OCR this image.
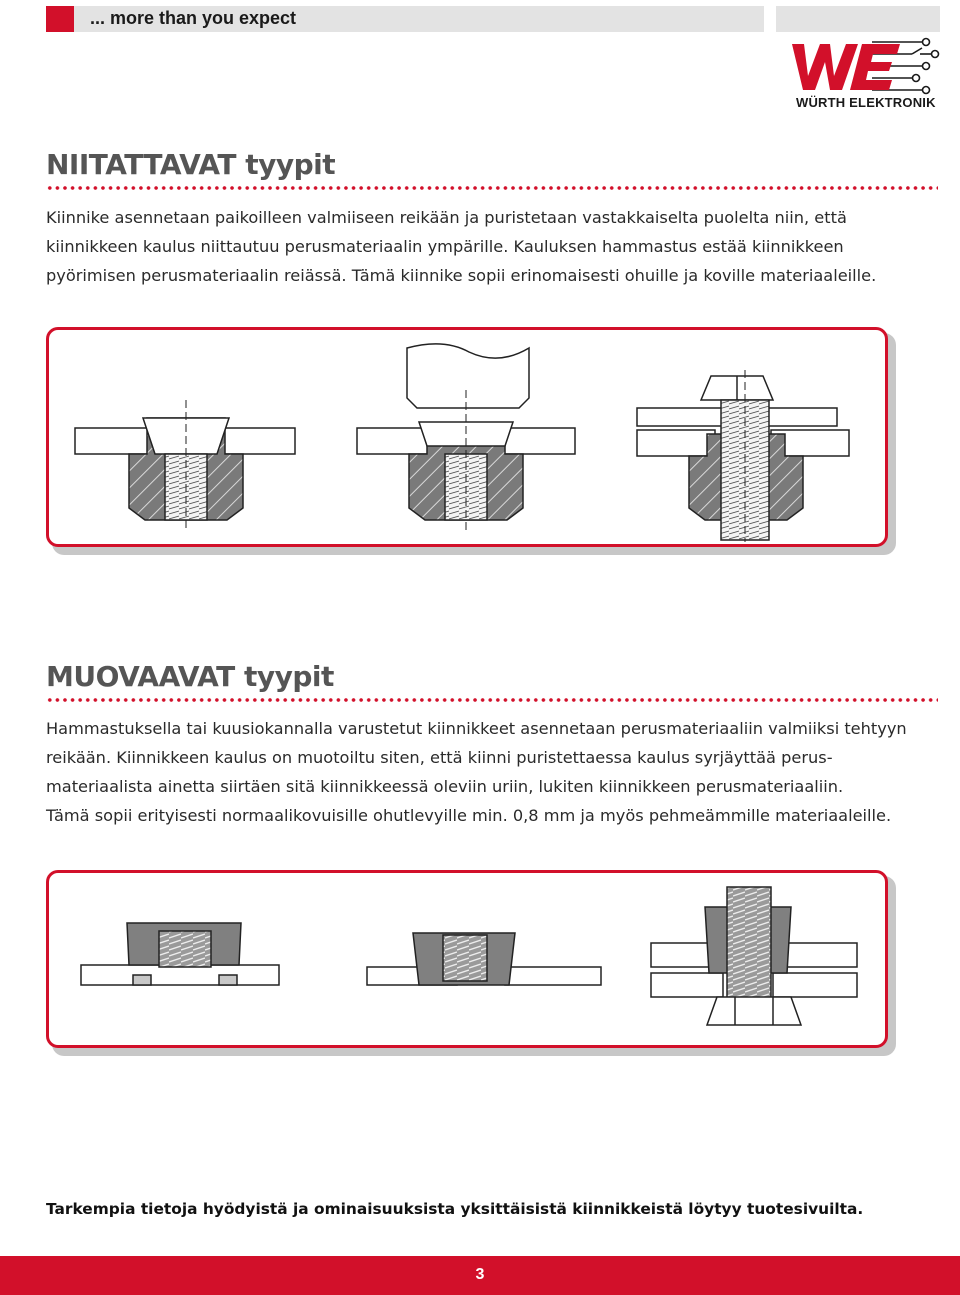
... more than you expect
WÜRTH ELEKTRONIK
NIITATTAVAT tyypit
Kiinnike asennetaan paikoilleen valmiiseen reikään ja puristetaan vastakkaiselta puolelta niin, että
kiinnikkeen kaulus niittautuu perusmateriaalin ympärille. Kauluksen hammastus estää kiinnikkeen
pyörimisen perusmateriaalin reiässä. Tämä kiinnike sopii erinomaisesti ohuille ja koville materiaaleille.
MUOVAAVAT tyypit
Hammastuksella tai kuusiokannalla varustetut kiinnikkeet asennetaan perusmateriaaliin valmiiksi tehtyyn
reikään. Kiinnikkeen kaulus on muotoiltu siten, että kiinni puristettaessa kaulus syrjäyttää perus-
materiaalista ainetta siirtäen sitä kiinnikkeessä oleviin uriin, lukiten kiinnikkeen perusmateriaaliin.
Tämä sopii erityisesti normaalikovuisille ohutlevyille min. 0,8 mm ja myös pehmeämmille materiaaleille.
Tarkempia tietoja hyödyistä ja ominaisuuksista yksittäisistä kiinnikkeistä löytyy tuotesivuilta.
3
